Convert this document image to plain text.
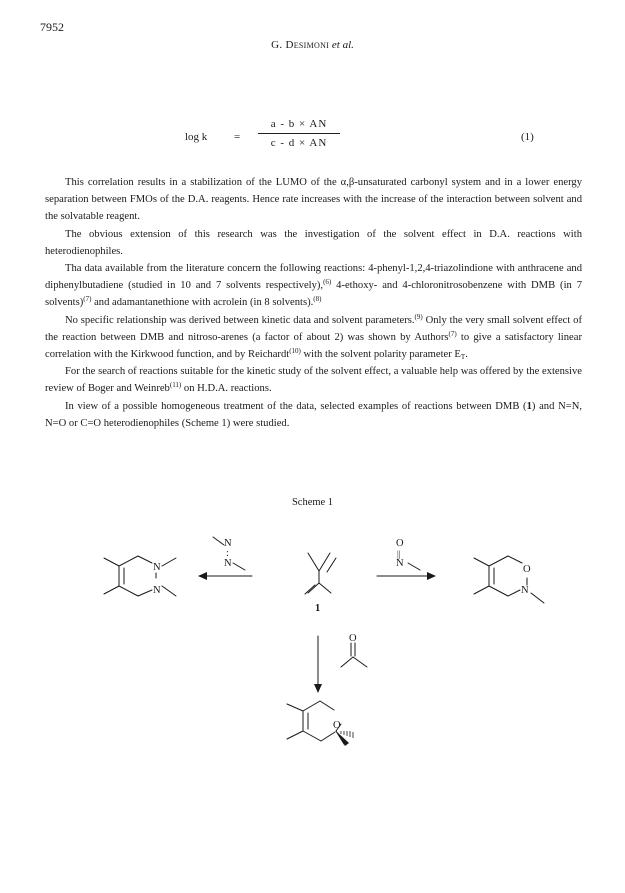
7952
G. Desimoni et al.
log k =
a - b × AN
c - d × AN	(1)

This correlation results in a stabilization of the LUMO of the α,β-unsaturated carbonyl system and in a lower energy separation between FMOs of the D.A. reagents. Hence rate increases with the increase of the interaction between solvent and the solvatable reagent.

The obvious extension of this research was the investigation of the solvent effect in D.A. reactions with heterodienophiles.

Tha data available from the literature concern the following reactions: 4-phenyl-1,2,4-triazolindione with anthracene and diphenylbutadiene (studied in 10 and 7 solvents respectively),$^{(6)}$ 4-ethoxy- and 4-chloronitrosobenzene with DMB (in 7 solvents)$^{(7)}$ and adamantanethione with acrolein (in 8 solvents).$^{(8)}$

No specific relationship was derived between kinetic data and solvent parameters.$^{(9)}$ Only the very small solvent effect of the reaction between DMB and nitroso-arenes (a factor of about 2) was shown by Authors$^{(7)}$ to give a satisfactory linear correlation with the Kirkwood function, and by Reichardt$^{(10)}$ with the solvent polarity parameter $E_T$.

For the search of reactions suitable for the kinetic study of the solvent effect, a valuable help was offered by the extensive review of Boger and Weinreb$^{(11)}$ on H.D.A. reactions.

In view of a possible homogeneous treatment of the data, selected examples of reactions between DMB (1) and N=N, N=O or C=O heterodienophiles (Scheme 1) were studied.

Scheme 1
N
N
N
:
N
O
||
N
O
N
O
O
1
